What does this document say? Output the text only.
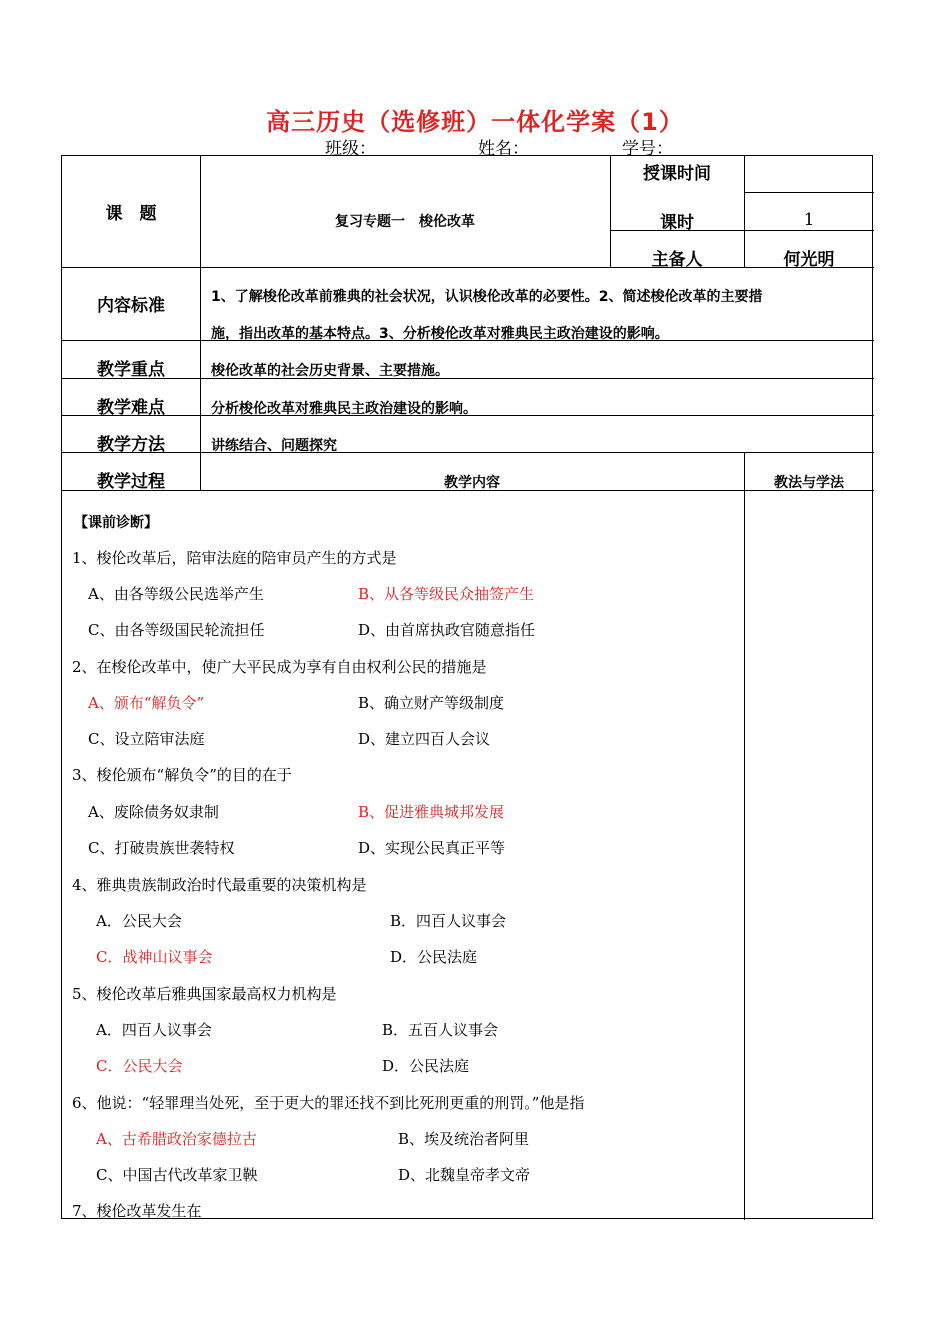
高三历史（选修班）一体化学案（1）
班级：	姓名：	学号：
课　题	复习专题一　梭伦改革
授课时间
课时	1
主备人	何光明
内容标准	1、了解梭伦改革前雅典的社会状况，认识梭伦改革的必要性。2、简述梭伦改革的主要措
施，指出改革的基本特点。3、分析梭伦改革对雅典民主政治建设的影响。
教学重点	梭伦改革的社会历史背景、主要措施。
教学难点	分析梭伦改革对雅典民主政治建设的影响。
教学方法	讲练结合、问题探究
教学过程	教学内容	教法与学法
【课前诊断】
1、梭伦改革后，陪审法庭的陪审员产生的方式是
A、由各等级公民选举产生	B、从各等级民众抽签产生
C、由各等级国民轮流担任	D、由首席执政官随意指任
2、在梭伦改革中，使广大平民成为享有自由权利公民的措施是
A、颁布“解负令”	B、确立财产等级制度
C、设立陪审法庭	D、建立四百人会议
3、梭伦颁布“解负令”的目的在于
A、废除债务奴隶制	B、促进雅典城邦发展
C、打破贵族世袭特权	D、实现公民真正平等
4、雅典贵族制政治时代最重要的决策机构是
A．公民大会	B．四百人议事会
C．战神山议事会	D．公民法庭
5、梭伦改革后雅典国家最高权力机构是
A．四百人议事会	B．五百人议事会
C．公民大会	D．公民法庭
6、他说：“轻罪理当处死，至于更大的罪还找不到比死刑更重的刑罚。”他是指
A、古希腊政治家德拉古	B、埃及统治者阿里
C、中国古代改革家卫鞅	D、北魏皇帝孝文帝
7、梭伦改革发生在
